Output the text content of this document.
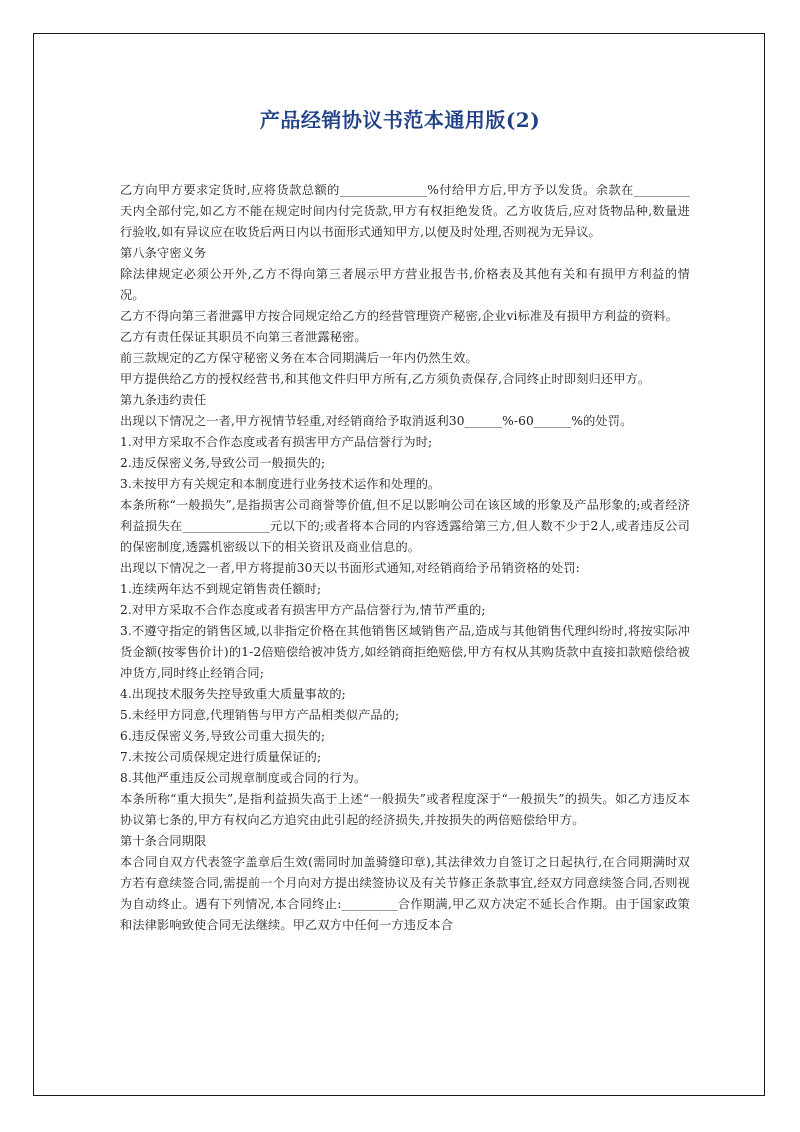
产品经销协议书范本通用版(2)

乙方向甲方要求定货时,应将货款总额的______________%付给甲方后,甲方予以发货。余款在_________天内全部付完,如乙方不能在规定时间内付完货款,甲方有权拒绝发货。乙方收货后,应对货物品种,数量进行验收,如有异议应在收货后两日内以书面形式通知甲方,以便及时处理,否则视为无异议。

第八条守密义务

除法律规定必须公开外,乙方不得向第三者展示甲方营业报告书,价格表及其他有关和有损甲方利益的情况。

乙方不得向第三者泄露甲方按合同规定给乙方的经营管理资产秘密,企业vi标准及有损甲方利益的资料。

乙方有责任保证其职员不向第三者泄露秘密。

前三款规定的乙方保守秘密义务在本合同期满后一年内仍然生效。

甲方提供给乙方的授权经营书,和其他文件归甲方所有,乙方须负责保存,合同终止时即刻归还甲方。

第九条违约责任

出现以下情况之一者,甲方视情节轻重,对经销商给予取消返利30______%-60______%的处罚。

1.对甲方采取不合作态度或者有损害甲方产品信誉行为时;

2.违反保密义务,导致公司一般损失的;

3.未按甲方有关规定和本制度进行业务技术运作和处理的。

本条所称“一般损失”,是指损害公司商誉等价值,但不足以影响公司在该区域的形象及产品形象的;或者经济利益损失在______________元以下的;或者将本合同的内容透露给第三方,但人数不少于2人,或者违反公司的保密制度,透露机密级以下的相关资讯及商业信息的。

出现以下情况之一者,甲方将提前30天以书面形式通知,对经销商给予吊销资格的处罚:

1.连续两年达不到规定销售责任额时;

2.对甲方采取不合作态度或者有损害甲方产品信誉行为,情节严重的;

3.不遵守指定的销售区域,以非指定价格在其他销售区域销售产品,造成与其他销售代理纠纷时,将按实际冲货金额(按零售价计)的1-2倍赔偿给被冲货方,如经销商拒绝赔偿,甲方有权从其购货款中直接扣款赔偿给被冲货方,同时终止经销合同;

4.出现技术服务失控导致重大质量事故的;

5.未经甲方同意,代理销售与甲方产品相类似产品的;

6.违反保密义务,导致公司重大损失的;

7.未按公司质保规定进行质量保证的;

8.其他严重违反公司规章制度或合同的行为。

本条所称“重大损失”,是指利益损失高于上述“一般损失”或者程度深于“一般损失”的损失。如乙方违反本协议第七条的,甲方有权向乙方追究由此引起的经济损失,并按损失的两倍赔偿给甲方。

第十条合同期限

本合同自双方代表签字盖章后生效(需同时加盖骑缝印章),其法律效力自签订之日起执行,在合同期满时双方若有意续签合同,需提前一个月向对方提出续签协议及有关节修正条款事宜,经双方同意续签合同,否则视为自动终止。遇有下列情况,本合同终止:_________合作期满,甲乙双方决定不延长合作期。由于国家政策和法律影响致使合同无法继续。甲乙双方中任何一方违反本合
